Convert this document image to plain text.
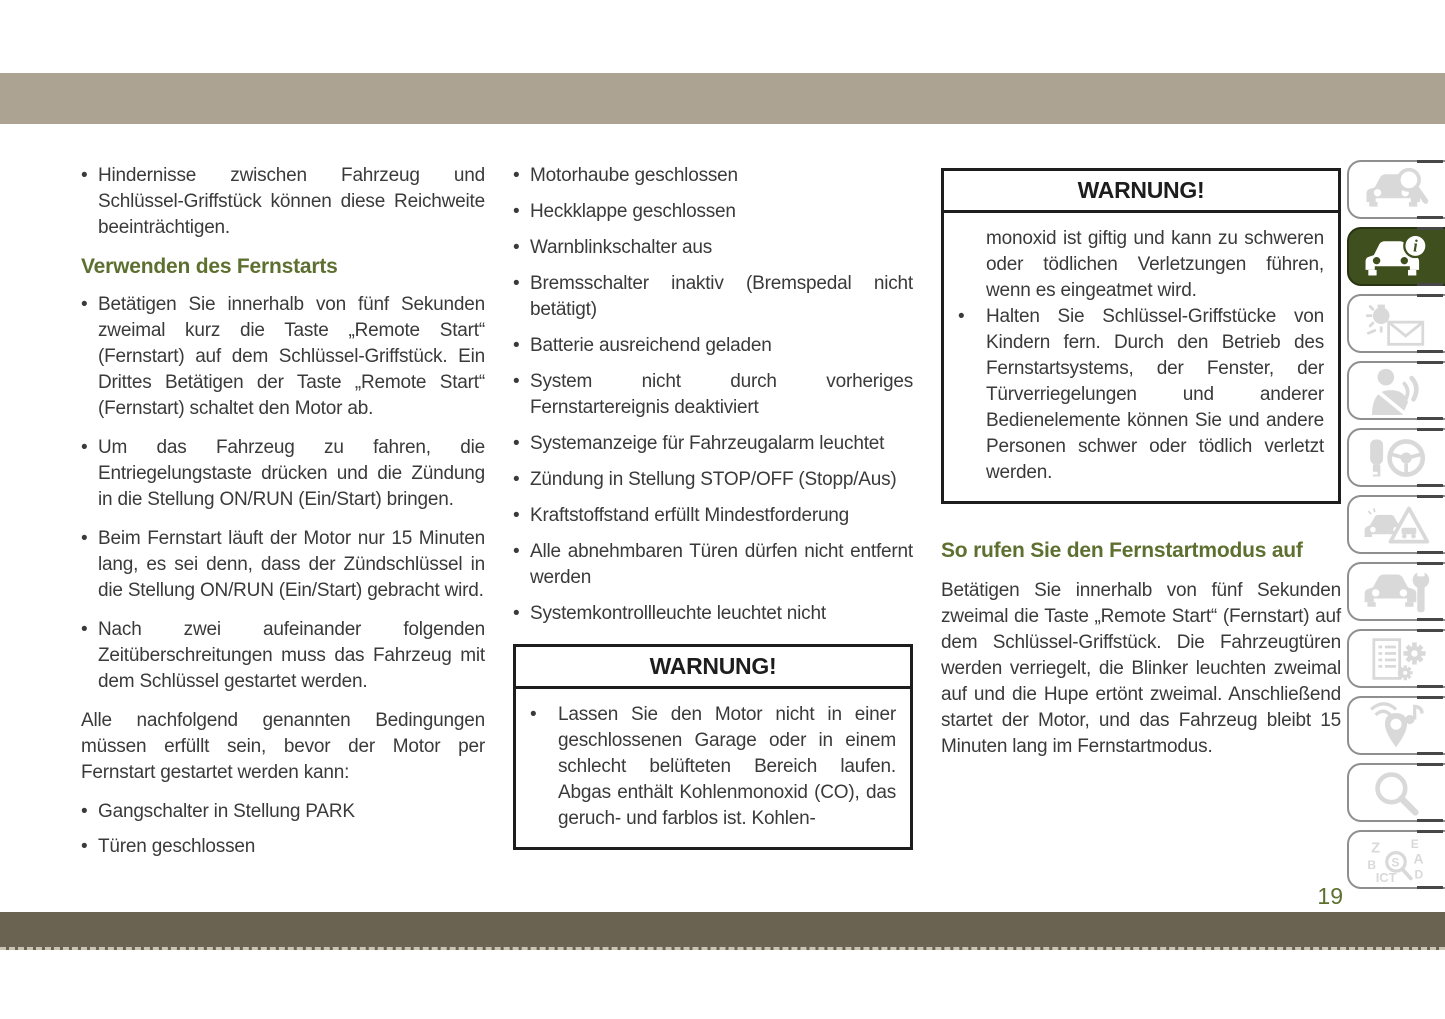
•
Hindernisse zwischen Fahrzeug und Schlüssel-Griffstück können diese Reichweite beeinträchtigen.
Verwenden des Fernstarts
•
Betätigen Sie innerhalb von fünf Sekunden zweimal kurz die Taste „Remote Start“ (Fernstart) auf dem Schlüssel-Griffstück. Ein Drittes Betätigen der Taste „Remote Start“ (Fernstart) schaltet den Motor ab.
•
Um das Fahrzeug zu fahren, die Entriegelungstaste drücken und die Zündung in die Stellung ON/RUN (Ein/Start) bringen.
•
Beim Fernstart läuft der Motor nur 15 Minuten lang, es sei denn, dass der Zündschlüssel in die Stellung ON/RUN (Ein/Start) gebracht wird.
•
Nach zwei aufeinander folgenden Zeitüberschreitungen muss das Fahrzeug mit dem Schlüssel gestartet werden.

Alle nachfolgend genannten Bedingungen müssen erfüllt sein, bevor der Motor per Fernstart gestartet werden kann:

•
Gangschalter in Stellung PARK
•
Türen geschlossen
•
Motorhaube geschlossen
•
Heckklappe geschlossen
•
Warnblinkschalter aus
•
Bremsschalter inaktiv (Bremspedal nicht betätigt)
•
Batterie ausreichend geladen
•
System nicht durch vorheriges Fernstartereignis deaktiviert
•
Systemanzeige für Fahrzeugalarm leuchtet
•
Zündung in Stellung STOP/OFF (Stopp/Aus)
•
Kraftstoffstand erfüllt Mindestforderung
•
Alle abnehmbaren Türen dürfen nicht entfernt werden
•
Systemkontrollleuchte leuchtet nicht
WARNUNG!
•
Lassen Sie den Motor nicht in einer geschlossenen Garage oder in einem schlecht belüfteten Bereich laufen. Abgas enthält Kohlenmonoxid (CO), das geruch- und farblos ist. Kohlen-
WARNUNG!

monoxid ist giftig und kann zu schweren oder tödlichen Verletzungen führen, wenn es eingeatmet wird.

•
Halten Sie Schlüssel-Griffstücke von Kindern fern. Durch den Betrieb des Fernstartsystems, der Fenster, der Türverriegelungen und anderer Bedienelemente können Sie und andere Personen schwer oder tödlich verletzt werden.
So rufen Sie den Fernstartmodus auf

Betätigen Sie innerhalb von fünf Sekunden zweimal die Taste „Remote Start“ (Fernstart) auf dem Schlüssel-Griffstück. Die Fahrzeugtüren werden verriegelt, die Blinker leuchten zweimal auf und die Hupe ertönt zweimal. Anschließend startet der Motor, und das Fahrzeug bleibt 15 Minuten lang im Fernstartmodus.

i
Z E
B A
D
ICT
S
19
